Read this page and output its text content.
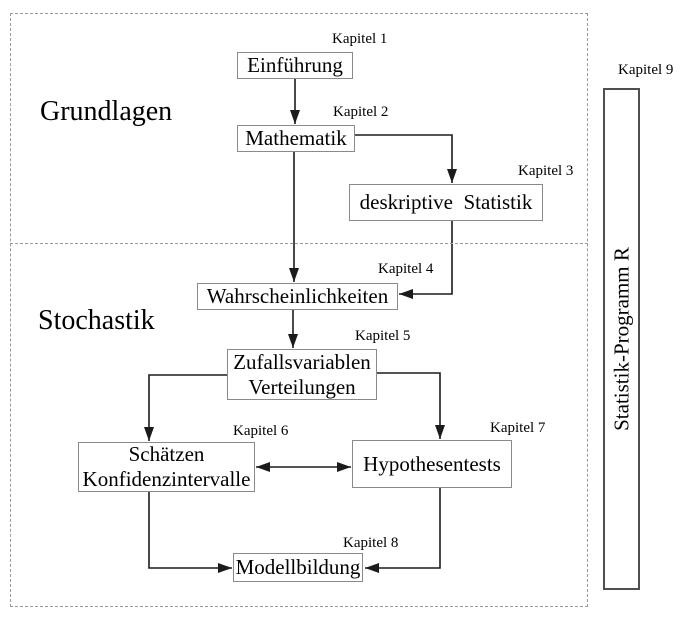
Grundlagen
Stochastik
Einführung
Mathematik
deskriptive  Statistik
Wahrscheinlichkeiten
Zufallsvariablen
Verteilungen
Schätzen
Konfidenzintervalle
Hypothesentests
Modellbildung
Statistik-Programm R
Kapitel 1
Kapitel 2
Kapitel 3
Kapitel 4
Kapitel 5
Kapitel 6	Kapitel 7
Kapitel 8
Kapitel 9
